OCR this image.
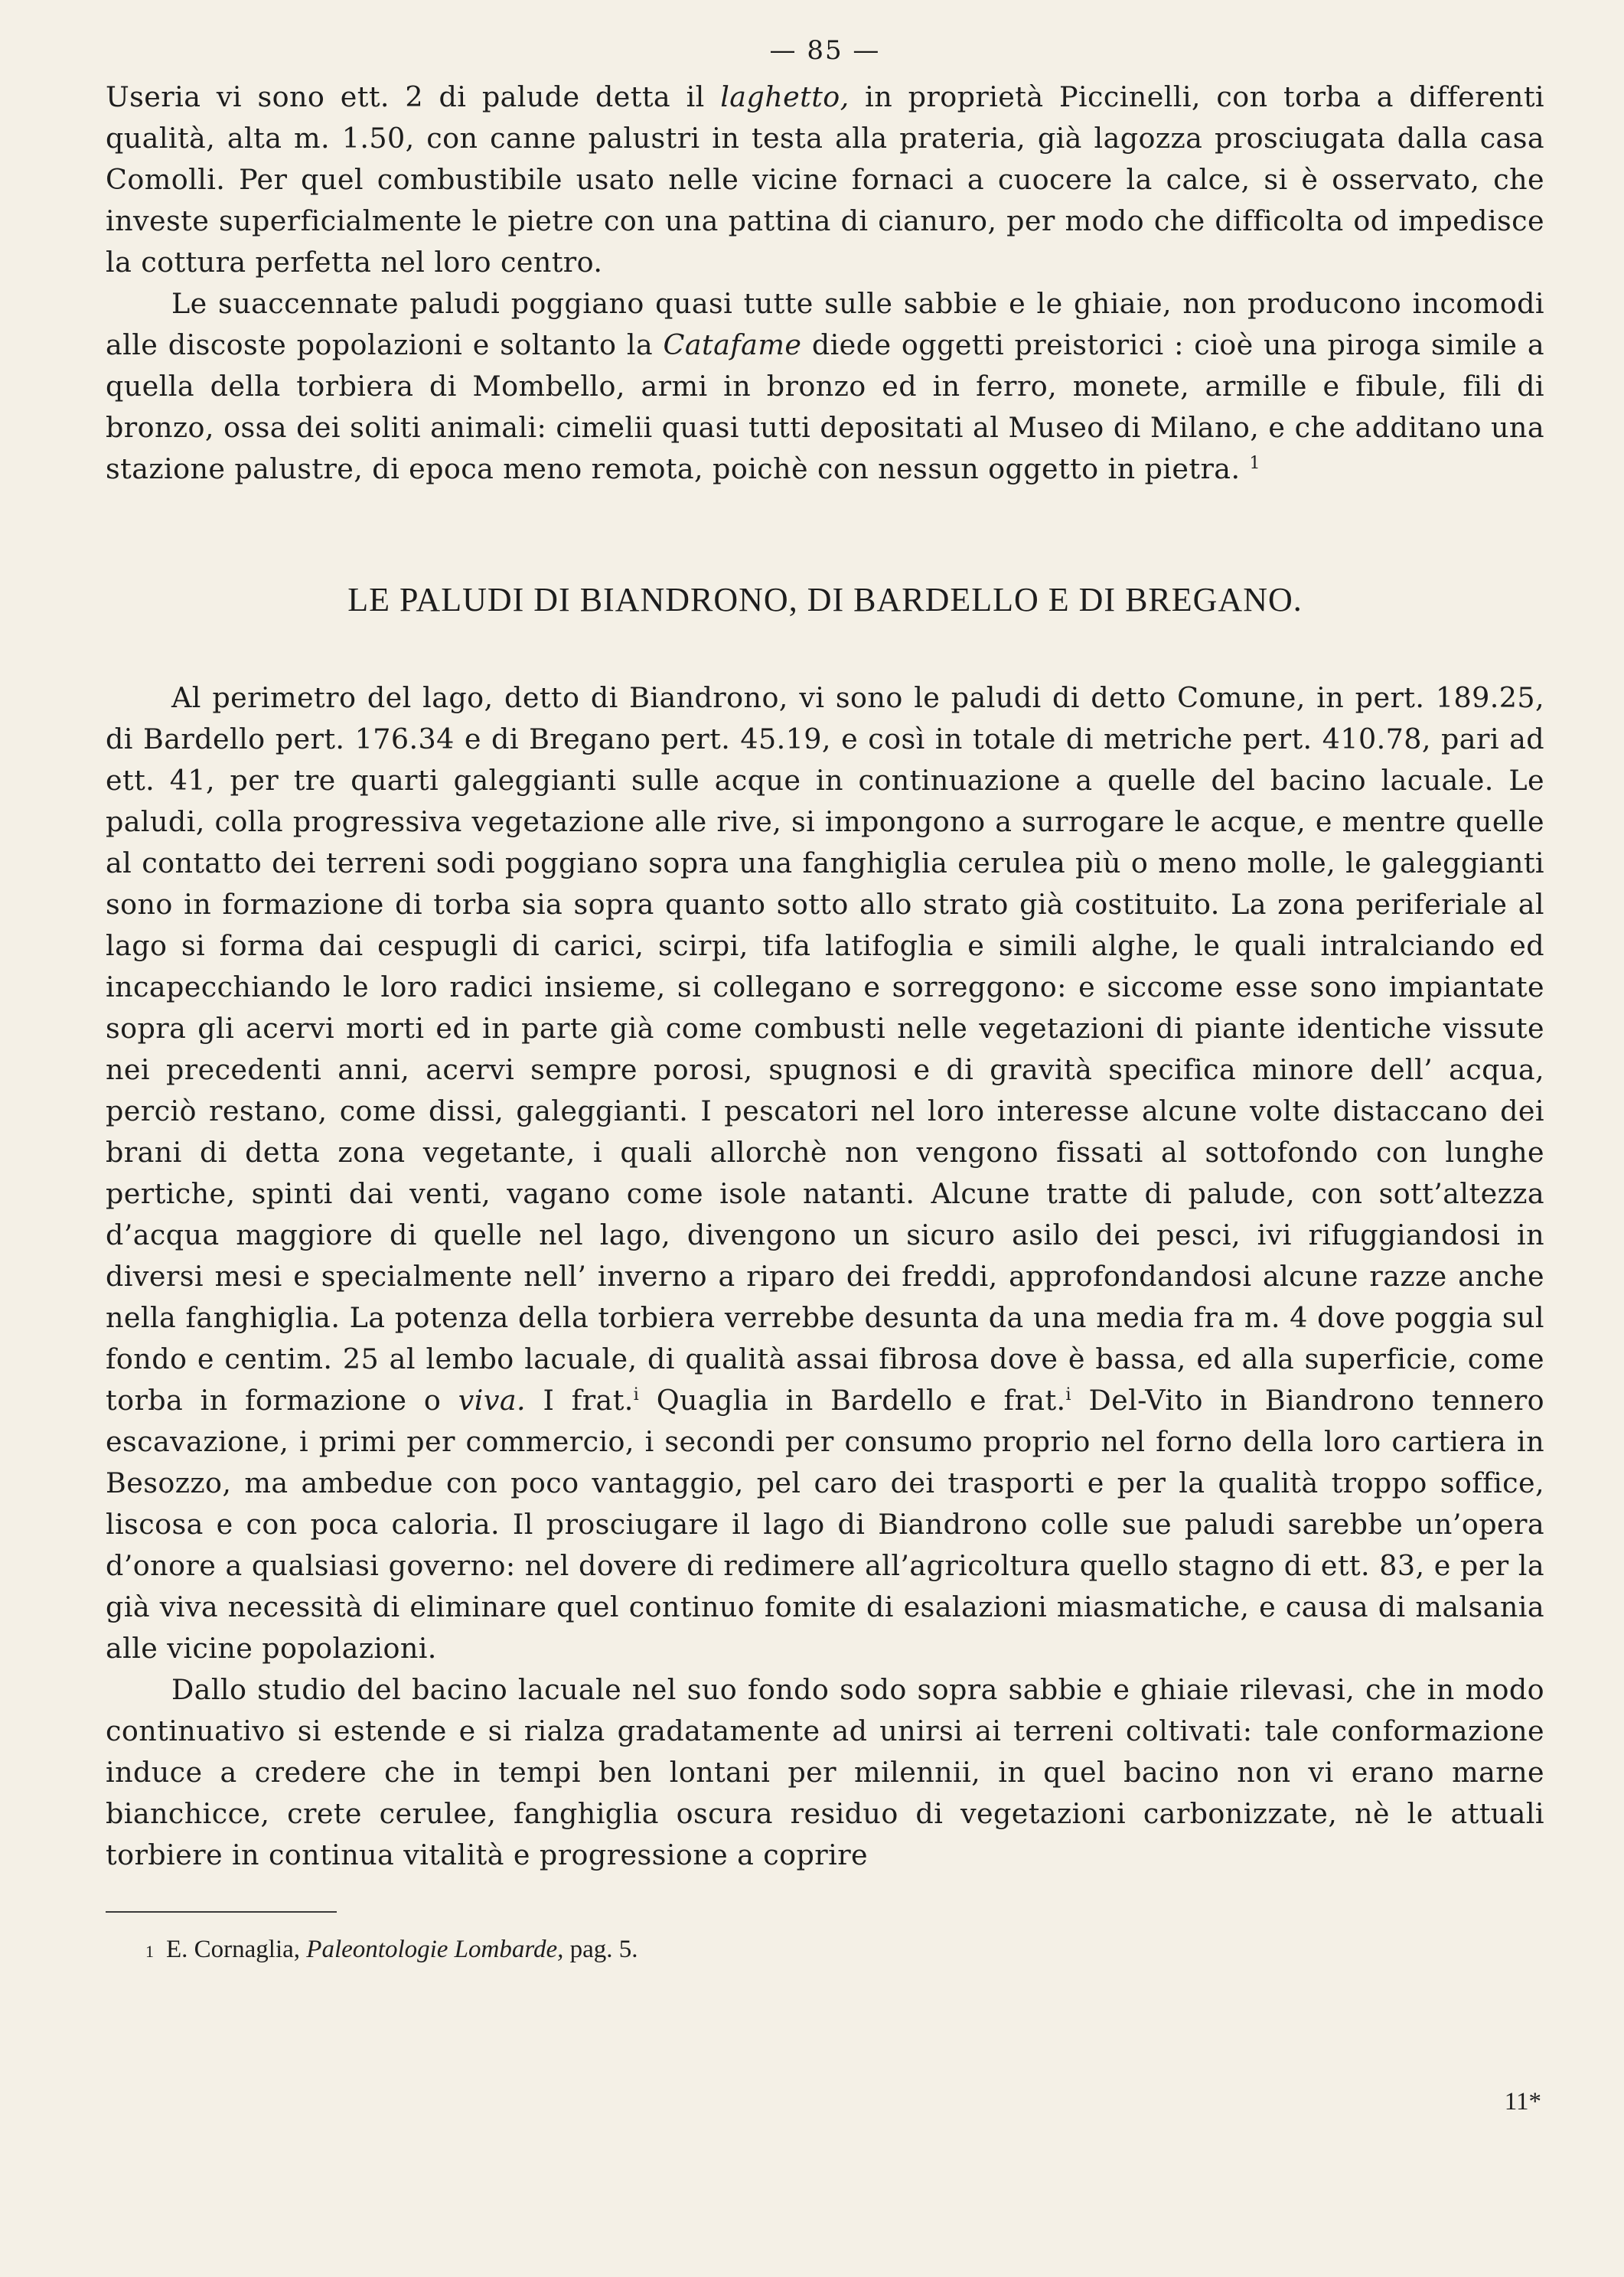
— 85 —

Useria vi sono ett. 2 di palude detta il laghetto, in proprietà Piccinelli, con torba a differenti qualità, alta m. 1.50, con canne palustri in testa alla prateria, già lagozza prosciugata dalla casa Comolli. Per quel combustibile usato nelle vicine fornaci a cuocere la calce, si è osservato, che investe superficialmente le pietre con una pattina di cianuro, per modo che difficolta od impedisce la cottura perfetta nel loro centro.

Le suaccennate paludi poggiano quasi tutte sulle sabbie e le ghiaie, non producono incomodi alle discoste popolazioni e soltanto la Catafame diede oggetti preistorici : cioè una piroga simile a quella della torbiera di Mombello, armi in bronzo ed in ferro, monete, armille e fibule, fili di bronzo, ossa dei soliti animali: cimelii quasi tutti depositati al Museo di Milano, e che additano una stazione palustre, di epoca meno remota, poichè con nessun oggetto in pietra. $^1$

LE PALUDI DI BIANDRONO, DI BARDELLO E DI BREGANO.

Al perimetro del lago, detto di Biandrono, vi sono le paludi di detto Comune, in pert. 189.25, di Bardello pert. 176.34 e di Bregano pert. 45.19, e così in totale di metriche pert. 410.78, pari ad ett. 41, per tre quarti galeggianti sulle acque in continuazione a quelle del bacino lacuale. Le paludi, colla progressiva vegetazione alle rive, si impongono a surrogare le acque, e mentre quelle al contatto dei terreni sodi poggiano sopra una fanghiglia cerulea più o meno molle, le galeggianti sono in formazione di torba sia sopra quanto sotto allo strato già costituito. La zona periferiale al lago si forma dai cespugli di carici, scirpi, tifa latifoglia e simili alghe, le quali intralciando ed incapecchiando le loro radici insieme, si collegano e sorreggono: e siccome esse sono impiantate sopra gli acervi morti ed in parte già come combusti nelle vegetazioni di piante identiche vissute nei precedenti anni, acervi sempre porosi, spugnosi e di gravità specifica minore dell’ acqua, perciò restano, come dissi, galeggianti. I pescatori nel loro interesse alcune volte distaccano dei brani di detta zona vegetante, i quali allorchè non vengono fissati al sottofondo con lunghe pertiche, spinti dai venti, vagano come isole natanti. Alcune tratte di palude, con sott’altezza d’acqua maggiore di quelle nel lago, divengono un sicuro asilo dei pesci, ivi rifuggiandosi in diversi mesi e specialmente nell’ inverno a riparo dei freddi, approfondandosi alcune razze anche nella fanghiglia. La potenza della torbiera verrebbe desunta da una media fra m. 4 dove poggia sul fondo e centim. 25 al lembo lacuale, di qualità assai fibrosa dove è bassa, ed alla superficie, come torba in formazione o viva. I frat.$^i$ Quaglia in Bardello e frat.$^i$ Del-Vito in Biandrono tennero escavazione, i primi per commercio, i secondi per consumo proprio nel forno della loro cartiera in Besozzo, ma ambedue con poco vantaggio, pel caro dei trasporti e per la qualità troppo soffice, liscosa e con poca caloria. Il prosciugare il lago di Biandrono colle sue paludi sarebbe un’opera d’onore a qualsiasi governo: nel dovere di redimere all’agricoltura quello stagno di ett. 83, e per la già viva necessità di eliminare quel continuo fomite di esalazioni miasmatiche, e causa di malsania alle vicine popolazioni.

Dallo studio del bacino lacuale nel suo fondo sodo sopra sabbie e ghiaie rilevasi, che in modo continuativo si estende e si rialza gradatamente ad unirsi ai terreni coltivati: tale conformazione induce a credere che in tempi ben lontani per milennii, in quel bacino non vi erano marne bianchicce, crete cerulee, fanghiglia oscura residuo di vegetazioni carbonizzate, nè le attuali torbiere in continua vitalità e progressione a coprire

1 E. Cornaglia, Paleontologie Lombarde, pag. 5.
11*
